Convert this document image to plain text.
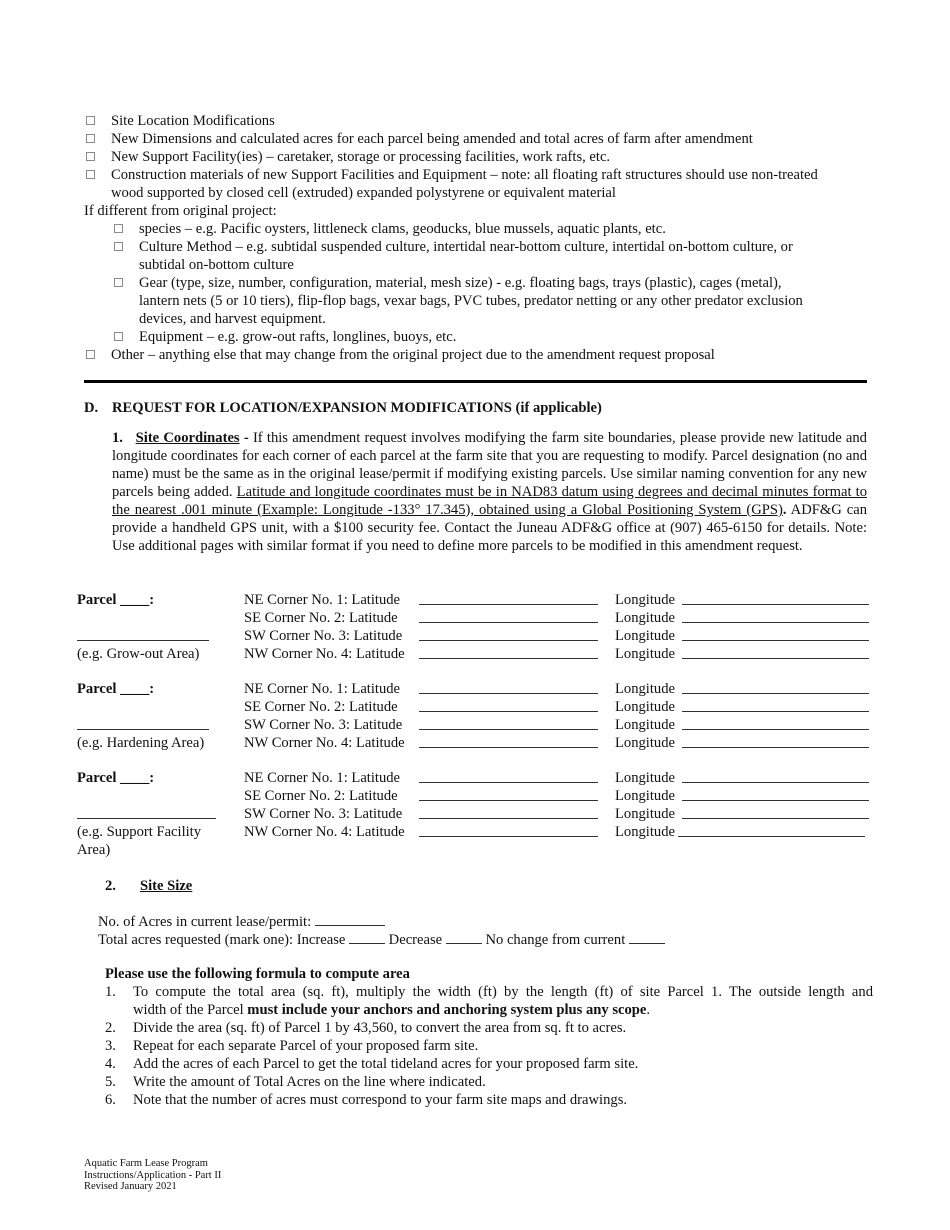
Site Location Modifications
New Dimensions and calculated acres for each parcel being amended and total acres of farm after amendment
New Support Facility(ies) – caretaker, storage or processing facilities, work rafts, etc.
Construction materials of new Support Facilities and Equipment – note: all floating raft structures should use non-treated
wood supported by closed cell (extruded) expanded polystyrene or equivalent material
If different from original project:
species – e.g. Pacific oysters, littleneck clams, geoducks, blue mussels, aquatic plants, etc.
Culture Method – e.g. subtidal suspended culture, intertidal near-bottom culture, intertidal on-bottom culture, or
subtidal on-bottom culture
Gear (type, size, number, configuration, material, mesh size) - e.g. floating bags, trays (plastic), cages (metal),
lantern nets (5 or 10 tiers), flip-flop bags, vexar bags, PVC tubes, predator netting or any other predator exclusion
devices, and harvest equipment.
Equipment – e.g. grow-out rafts, longlines, buoys, etc.
Other – anything else that may change from the original project due to the amendment request proposal
D. REQUEST FOR LOCATION/EXPANSION MODIFICATIONS (if applicable)
1. Site Coordinates - If this amendment request involves modifying the farm site boundaries, please provide new latitude and longitude coordinates for each corner of each parcel at the farm site that you are requesting to modify. Parcel designation (no and name) must be the same as in the original lease/permit if modifying existing parcels. Use similar naming convention for any new parcels being added. Latitude and longitude coordinates must be in NAD83 datum using degrees and decimal minutes format to the nearest .001 minute (Example: Longitude -133° 17.345), obtained using a Global Positioning System (GPS). ADF&G can provide a handheld GPS unit, with a $100 security fee. Contact the Juneau ADF&G office at (907) 465-6150 for details. Note: Use additional pages with similar format if you need to define more parcels to be modified in this amendment request.
Parcel ____:
(e.g. Grow-out Area)
NE Corner No. 1: Latitude
SE Corner No. 2: Latitude
SW Corner No. 3: Latitude
NW Corner No. 4: Latitude
Longitude
Longitude
Longitude
Longitude
Parcel ____:
(e.g. Hardening Area)
NE Corner No. 1: Latitude
SE Corner No. 2: Latitude
SW Corner No. 3: Latitude
NW Corner No. 4: Latitude
Longitude
Longitude
Longitude
Longitude
Parcel ____:
(e.g. Support Facility
Area)
NE Corner No. 1: Latitude
SE Corner No. 2: Latitude
SW Corner No. 3: Latitude
NW Corner No. 4: Latitude
Longitude
Longitude
Longitude
Longitude
2. Site Size
No. of Acres in current lease/permit:
Total acres requested (mark one): Increase	Decrease	No change from current
Please use the following formula to compute area
1. To compute the total area (sq. ft), multiply the width (ft) by the length (ft) of site Parcel 1. The outside length and
width of the Parcel must include your anchors and anchoring system plus any scope.
2. Divide the area (sq. ft) of Parcel 1 by 43,560, to convert the area from sq. ft to acres.
3. Repeat for each separate Parcel of your proposed farm site.
4. Add the acres of each Parcel to get the total tideland acres for your proposed farm site.
5. Write the amount of Total Acres on the line where indicated.
6. Note that the number of acres must correspond to your farm site maps and drawings.
Aquatic Farm Lease Program
Instructions/Application - Part II
Revised January 2021
